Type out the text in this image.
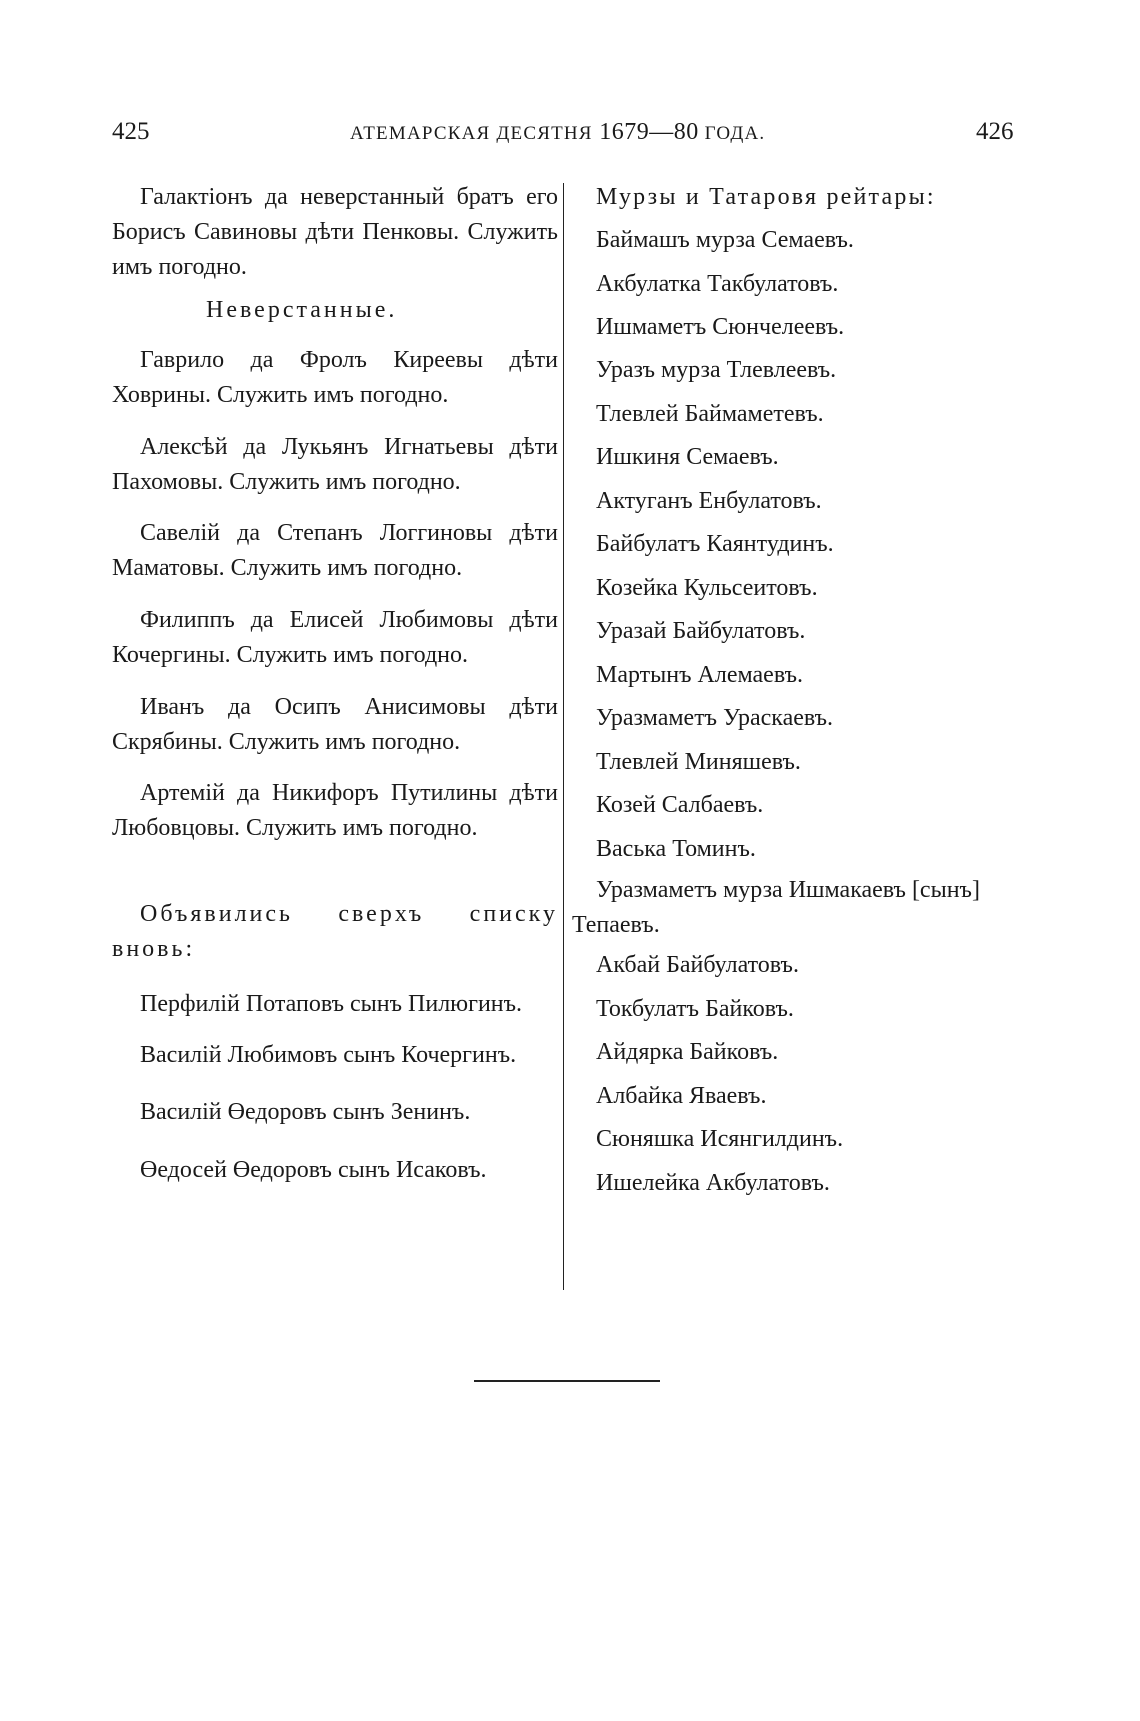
425	АТЕМАРСКАЯ ДЕСЯТНЯ 1679—80 ГОДА.	426

Галактіонъ да неверстанный братъ его Борисъ Савиновы дѣти Пенковы. Служить имъ погодно.

Неверстанные.

Гаврило да Фролъ Киреевы дѣти Ховрины. Служить имъ погодно.

Алексѣй да Лукьянъ Игнатьевы дѣти Пахомовы. Служить имъ погодно.

Савелій да Степанъ Логгиновы дѣти Маматовы. Служить имъ погодно.

Филиппъ да Елисей Любимовы дѣти Кочергины. Служить имъ погодно.

Иванъ да Осипъ Анисимовы дѣти Скрябины. Служить имъ погодно.

Артемій да Никифоръ Путилины дѣти Любовцовы. Служить имъ погодно.

Объявились сверхъ списку
вновь:

Перфилій Потаповъ сынъ Пилюгинъ.

Василій Любимовъ сынъ Кочергинъ.

Василій Өедоровъ сынъ Зенинъ.

Өедосей Өедоровъ сынъ Исаковъ.

Мурзы и Татаровя рейтары:
Баймашъ мурза Семаевъ.
Акбулатка Такбулатовъ.
Ишмаметъ Сюнчелеевъ.
Уразъ мурза Тлевлеевъ.
Тлевлей Баймаметевъ.
Ишкиня Семаевъ.
Актуганъ Енбулатовъ.
Байбулатъ Каянтудинъ.
Козейка Кульсеитовъ.
Уразай Байбулатовъ.
Мартынъ Алемаевъ.
Уразмаметъ Ураскаевъ.
Тлевлей Миняшевъ.
Козей Салбаевъ.
Васька Томинъ.
Уразмаметъ мурза Ишмакаевъ [сынъ]
Тепаевъ.
Акбай Байбулатовъ.
Токбулатъ Байковъ.
Айдярка Байковъ.
Албайка Яваевъ.
Сюняшка Исянгилдинъ.
Ишелейка Акбулатовъ.
